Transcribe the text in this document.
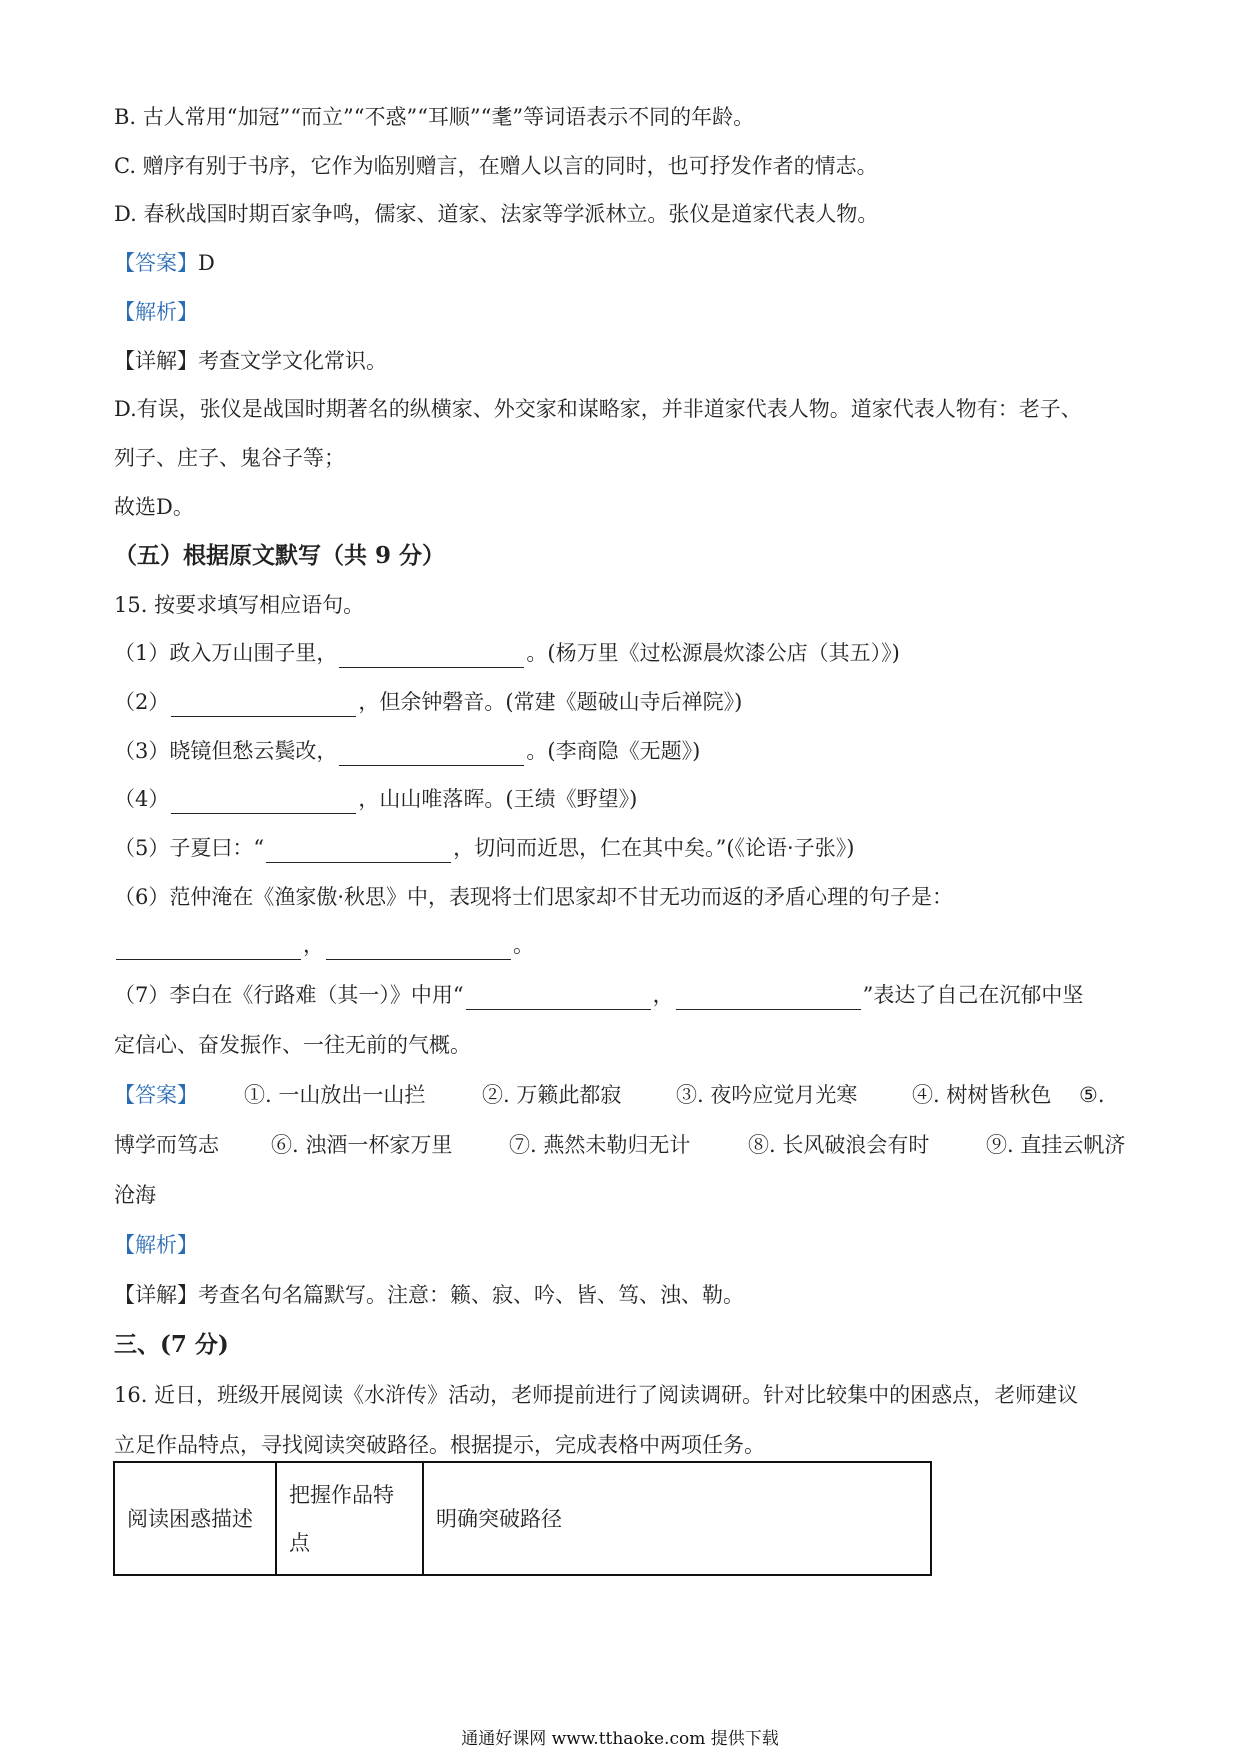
B. 古人常用“加冠”“而立”“不惑”“耳顺”“耄”等词语表示不同的年龄。
C. 赠序有别于书序，它作为临别赠言，在赠人以言的同时，也可抒发作者的情志。
D. 春秋战国时期百家争鸣，儒家、道家、法家等学派林立。张仪是道家代表人物。
【答案】D
【解析】
【详解】考查文学文化常识。
D.有误，张仪是战国时期著名的纵横家、外交家和谋略家，并非道家代表人物。道家代表人物有：老子、
列子、庄子、鬼谷子等；
故选D。
（五）根据原文默写（共 9 分）
15. 按要求填写相应语句。
（1）政入万山围子里，	。(杨万里《过松源晨炊漆公店（其五）》)
（2）	，但余钟磬音。(常建《题破山寺后禅院》)
（3）晓镜但愁云鬓改，	。(李商隐《无题》)
（4）	，山山唯落晖。(王绩《野望》)
（5）子夏曰：“	，切问而近思，仁在其中矣。”(《论语·子张》)
（6）范仲淹在《渔家傲·秋思》中，表现将士们思家却不甘无功而返的矛盾心理的句子是：
，	。
（7）李白在《行路难（其一）》中用“	，	”表达了自己在沉郁中坚
定信心、奋发振作、一往无前的气概。
【答案】 ①. 一山放出一山拦	②. 万籁此都寂	③. 夜吟应觉月光寒	④. 树树皆秋色 ⑤.
博学而笃志 ⑥. 浊酒一杯家万里	⑦. 燕然未勒归无计	⑧. 长风破浪会有时	⑨. 直挂云帆济
沧海
【解析】
【详解】考查名句名篇默写。注意：籁、寂、吟、皆、笃、浊、勒。
三、(7 分)
16. 近日，班级开展阅读《水浒传》活动，老师提前进行了阅读调研。针对比较集中的困惑点，老师建议
立足作品特点，寻找阅读突破路径。根据提示，完成表格中两项任务。
阅读困惑描述	把握作品特点	明确突破路径
通通好课网 www.tthaoke.com 提供下载
